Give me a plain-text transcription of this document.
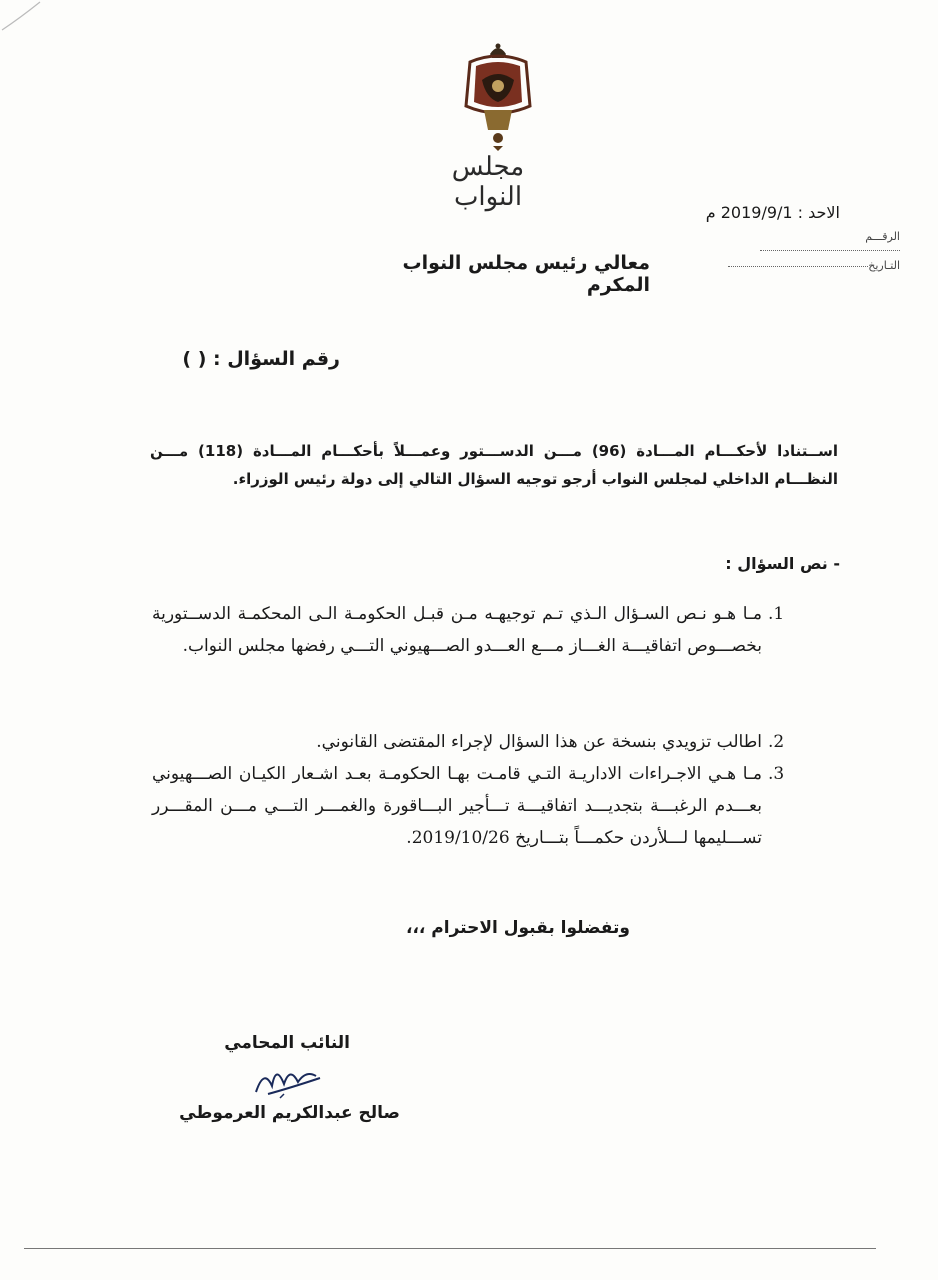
مجلس النواب
الاحد : 2019/9/1 م
الرقـــم
التـاريخ
معالي رئيس مجلس النواب المكرم
رقم السؤال : ( )
اســتنادا لأحكـــام المـــادة (96) مـــن الدســـتور وعمـــلاً بأحكـــام المـــادة (118) مـــن النظـــام الداخلي لمجلس النواب أرجو توجيه السؤال التالي إلى دولة رئيس الوزراء.
- نص السؤال :
1.
مـا هـو نـص السـؤال الـذي تـم توجيهـه مـن قبـل الحكومـة الـى المحكمـة الدســتورية بخصـــوص اتفاقيـــة الغـــاز مـــع العـــدو الصـــهيوني التـــي رفضها مجلس النواب.
2.
اطالب تزويدي بنسخة عن هذا السؤال لإجراء المقتضى القانوني.
3.
مـا هـي الاجـراءات الاداريـة التـي قامـت بهـا الحكومـة بعـد اشـعار الكيـان الصـــهيوني بعـــدم الرغبـــة بتجديـــد اتفاقيـــة تـــأجير البـــاقورة والغمـــر التـــي مـــن المقـــرر تســـليمها لـــلأردن حكمـــاً بتـــاريخ 2019/10/26.
وتفضلوا بقبول الاحترام ،،،
النائب المحامي
صالح عبدالكريم العرموطي
